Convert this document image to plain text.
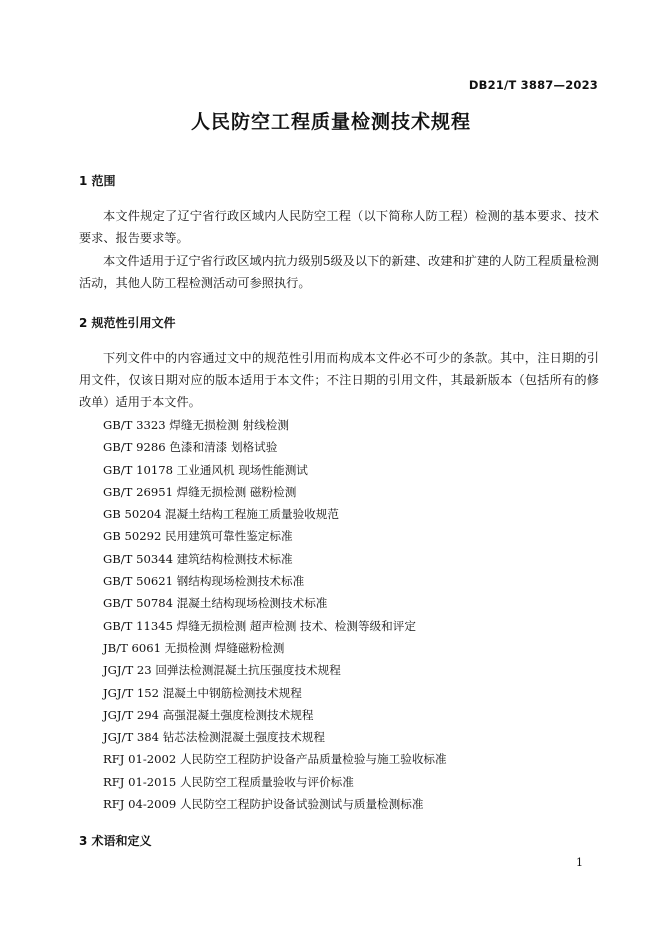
DB21/T 3887—2023
人民防空工程质量检测技术规程
1 范围
本文件规定了辽宁省行政区域内人民防空工程（以下简称人防工程）检测的基本要求、技术要求、报告要求等。
本文件适用于辽宁省行政区域内抗力级别5级及以下的新建、改建和扩建的人防工程质量检测活动，其他人防工程检测活动可参照执行。
2 规范性引用文件
下列文件中的内容通过文中的规范性引用而构成本文件必不可少的条款。其中，注日期的引用文件，仅该日期对应的版本适用于本文件；不注日期的引用文件，其最新版本（包括所有的修改单）适用于本文件。
GB/T 3323 焊缝无损检测 射线检测
GB/T 9286 色漆和清漆 划格试验
GB/T 10178 工业通风机 现场性能测试
GB/T 26951 焊缝无损检测 磁粉检测
GB 50204 混凝土结构工程施工质量验收规范
GB 50292 民用建筑可靠性鉴定标准
GB/T 50344 建筑结构检测技术标准
GB/T 50621 钢结构现场检测技术标准
GB/T 50784 混凝土结构现场检测技术标准
GB/T 11345 焊缝无损检测 超声检测 技术、检测等级和评定
JB/T 6061 无损检测 焊缝磁粉检测
JGJ/T 23 回弹法检测混凝土抗压强度技术规程
JGJ/T 152 混凝土中钢筋检测技术规程
JGJ/T 294 高强混凝土强度检测技术规程
JGJ/T 384 钻芯法检测混凝土强度技术规程
RFJ 01-2002 人民防空工程防护设备产品质量检验与施工验收标准
RFJ 01-2015 人民防空工程质量验收与评价标准
RFJ 04-2009 人民防空工程防护设备试验测试与质量检测标准
3 术语和定义
1
